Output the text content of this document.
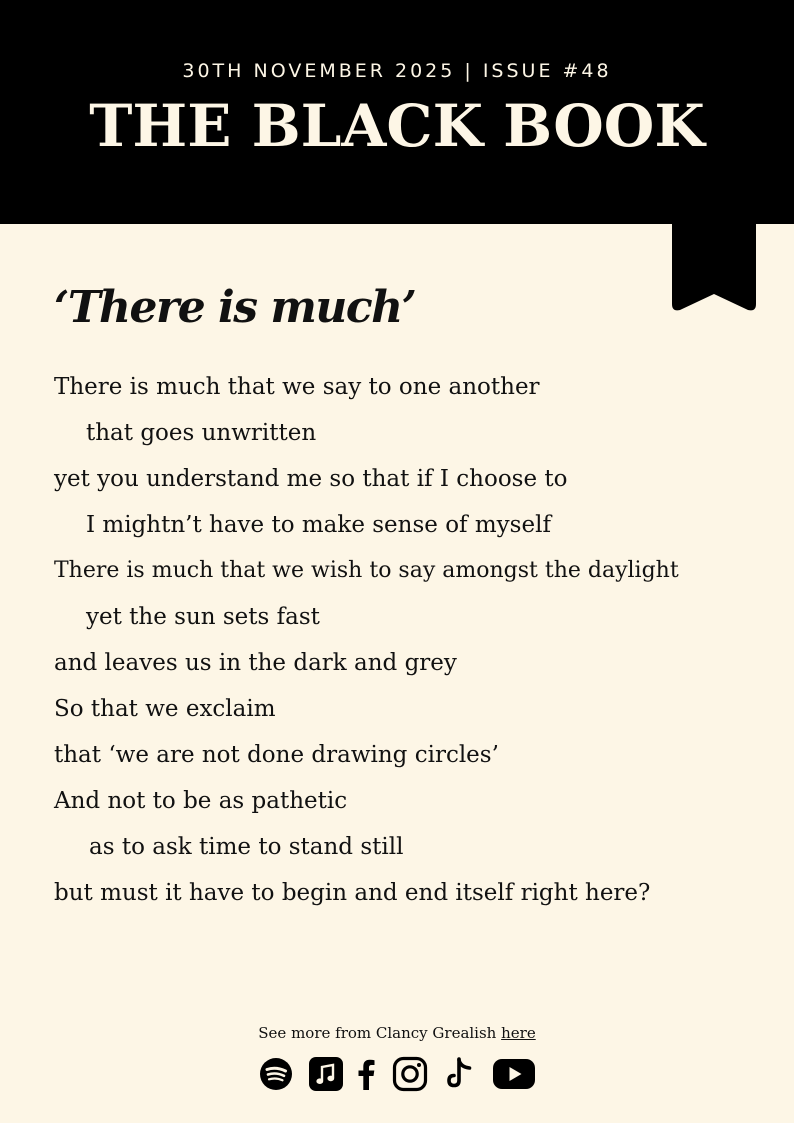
30TH NOVEMBER 2025 | ISSUE #48
THE BLACK BOOK
‘There is much’
There is much that we say to one another
that goes unwritten
yet you understand me so that if I choose to
I mightn’t have to make sense of myself
There is much that we wish to say amongst the daylight
yet the sun sets fast
and leaves us in the dark and grey
So that we exclaim
that ‘we are not done drawing circles’
And not to be as pathetic
as to ask time to stand still
but must it have to begin and end itself right here?
See more from Clancy Grealish here
